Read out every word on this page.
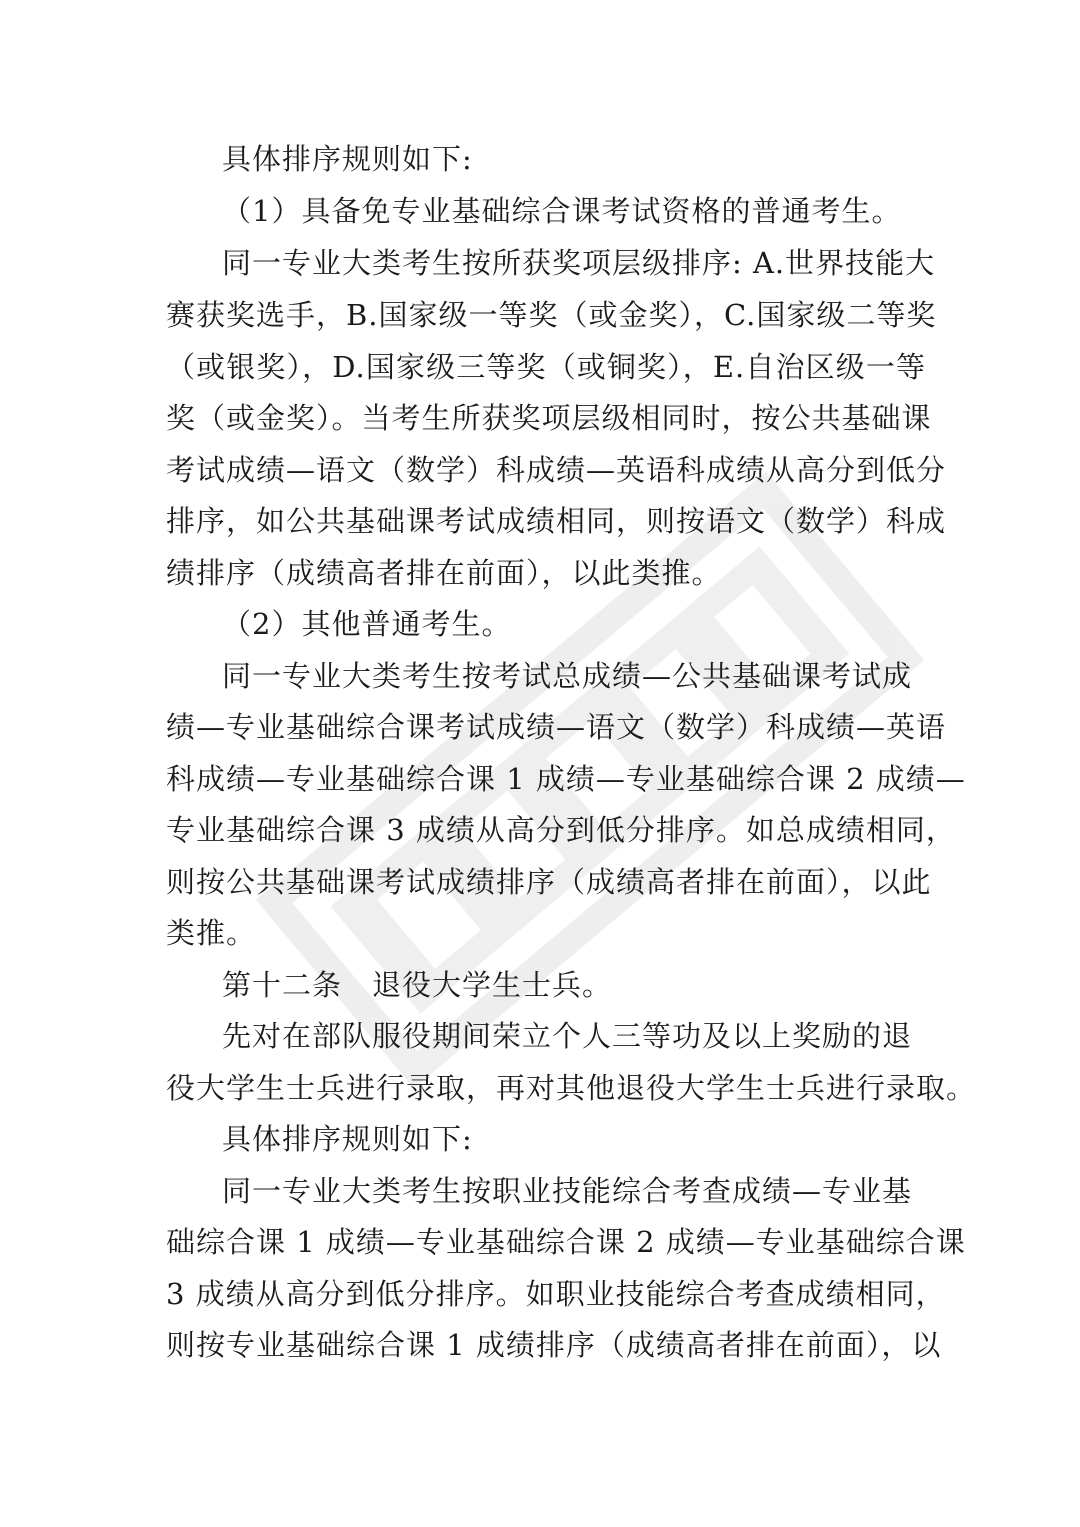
具体排序规则如下:
（1）具备免专业基础综合课考试资格的普通考生。
同一专业大类考生按所获奖项层级排序: A.世界技能大
赛获奖选手，B.国家级一等奖（或金奖），C.国家级二等奖
（或银奖），D.国家级三等奖（或铜奖），E.自治区级一等
奖（或金奖）。当考生所获奖项层级相同时，按公共基础课
考试成绩—语文（数学）科成绩—英语科成绩从高分到低分
排序，如公共基础课考试成绩相同，则按语文（数学）科成
绩排序（成绩高者排在前面），以此类推。
（2）其他普通考生。
同一专业大类考生按考试总成绩—公共基础课考试成
绩—专业基础综合课考试成绩—语文（数学）科成绩—英语
科成绩—专业基础综合课 1 成绩—专业基础综合课 2 成绩—
专业基础综合课 3 成绩从高分到低分排序。如总成绩相同，
则按公共基础课考试成绩排序（成绩高者排在前面），以此
类推。
第十二条　退役大学生士兵。
先对在部队服役期间荣立个人三等功及以上奖励的退
役大学生士兵进行录取，再对其他退役大学生士兵进行录取。
具体排序规则如下:
同一专业大类考生按职业技能综合考查成绩—专业基
础综合课 1 成绩—专业基础综合课 2 成绩—专业基础综合课
3 成绩从高分到低分排序。如职业技能综合考查成绩相同，
则按专业基础综合课 1 成绩排序（成绩高者排在前面），以
